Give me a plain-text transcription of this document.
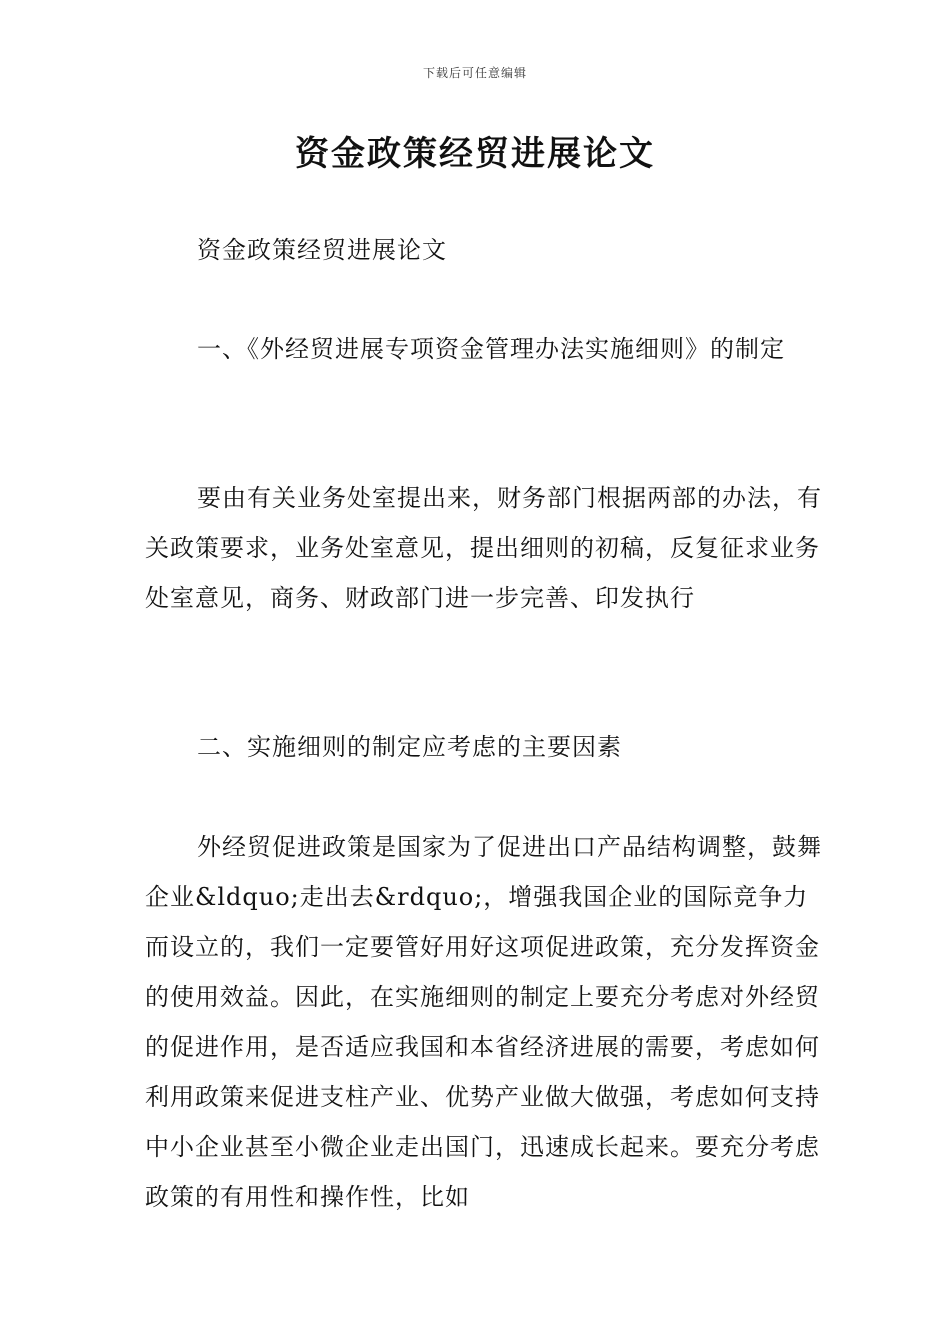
下载后可任意编辑
资金政策经贸进展论文

资金政策经贸进展论文

一、《外经贸进展专项资金管理办法实施细则》的制定

要由有关业务处室提出来，财务部门根据两部的办法，有关政策要求，业务处室意见，提出细则的初稿，反复征求业务处室意见，商务、财政部门进一步完善、印发执行

二、实施细则的制定应考虑的主要因素

外经贸促进政策是国家为了促进出口产品结构调整，鼓舞企业&ldquo;走出去&rdquo;，增强我国企业的国际竞争力而设立的，我们一定要管好用好这项促进政策，充分发挥资金的使用效益。因此，在实施细则的制定上要充分考虑对外经贸的促进作用，是否适应我国和本省经济进展的需要，考虑如何利用政策来促进支柱产业、优势产业做大做强，考虑如何支持中小企业甚至小微企业走出国门，迅速成长起来。要充分考虑政策的有用性和操作性，比如
